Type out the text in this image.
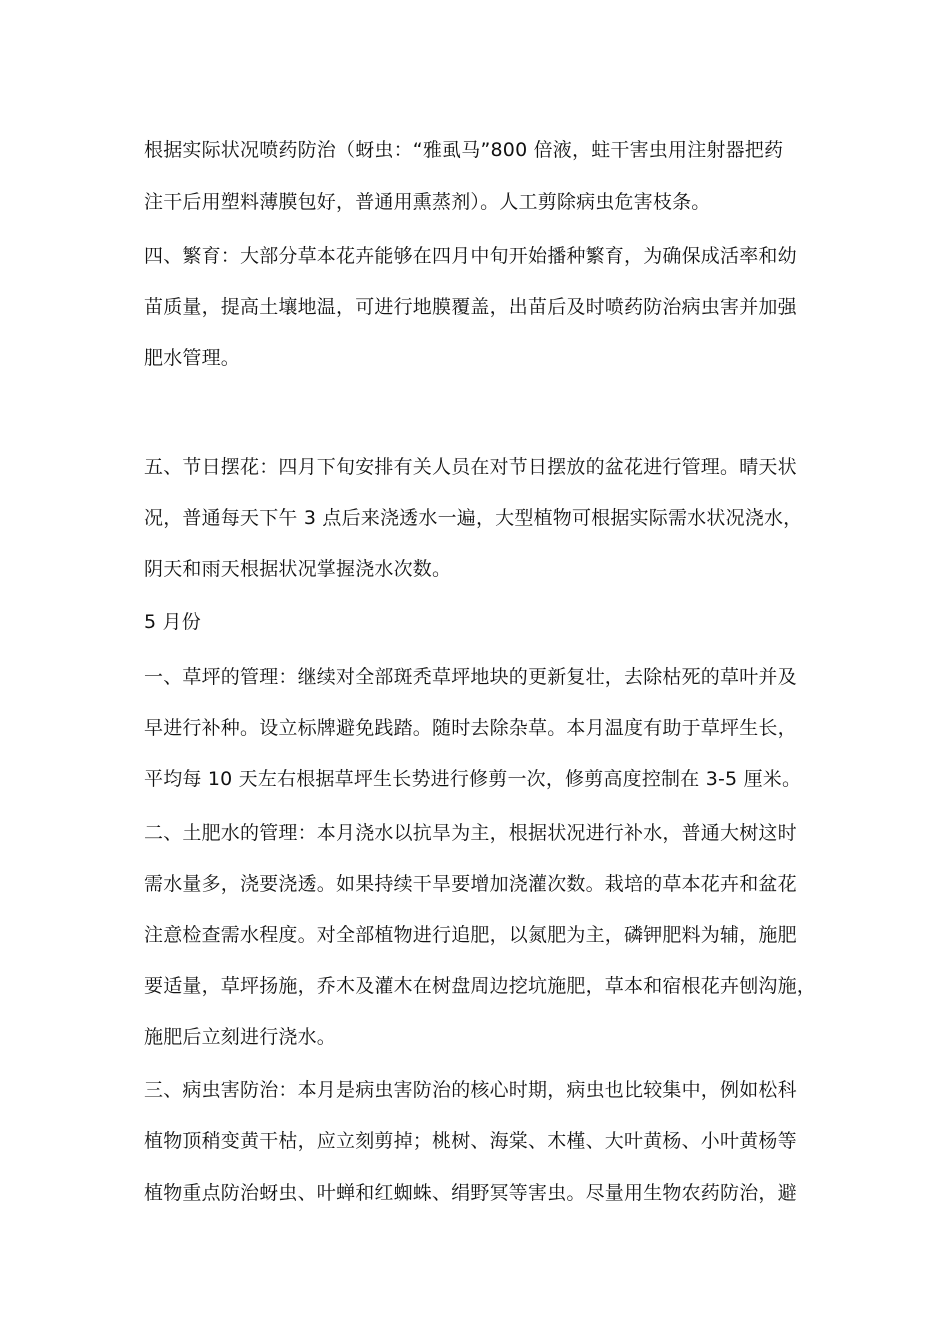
根据实际状况喷药防治（蚜虫：“雅虱马”800 倍液，蛀干害虫用注射器把药
注干后用塑料薄膜包好，普通用熏蒸剂）。人工剪除病虫危害枝条。
四、繁育：大部分草本花卉能够在四月中旬开始播种繁育，为确保成活率和幼
苗质量，提高土壤地温，可进行地膜覆盖，出苗后及时喷药防治病虫害并加强
肥水管理。
五、节日摆花：四月下旬安排有关人员在对节日摆放的盆花进行管理。晴天状
况，普通每天下午 3 点后来浇透水一遍，大型植物可根据实际需水状况浇水，
阴天和雨天根据状况掌握浇水次数。
5 月份
一、草坪的管理：继续对全部斑秃草坪地块的更新复壮，去除枯死的草叶并及
早进行补种。设立标牌避免践踏。随时去除杂草。本月温度有助于草坪生长，
平均每 10 天左右根据草坪生长势进行修剪一次，修剪高度控制在 3-5 厘米。
二、土肥水的管理：本月浇水以抗旱为主，根据状况进行补水，普通大树这时
需水量多，浇要浇透。如果持续干旱要增加浇灌次数。栽培的草本花卉和盆花
注意检查需水程度。对全部植物进行追肥，以氮肥为主，磷钾肥料为辅，施肥
要适量，草坪扬施，乔木及灌木在树盘周边挖坑施肥，草本和宿根花卉刨沟施，
施肥后立刻进行浇水。
三、病虫害防治：本月是病虫害防治的核心时期，病虫也比较集中，例如松科
植物顶稍变黄干枯，应立刻剪掉；桃树、海棠、木槿、大叶黄杨、小叶黄杨等
植物重点防治蚜虫、叶蝉和红蜘蛛、绢野冥等害虫。尽量用生物农药防治，避
